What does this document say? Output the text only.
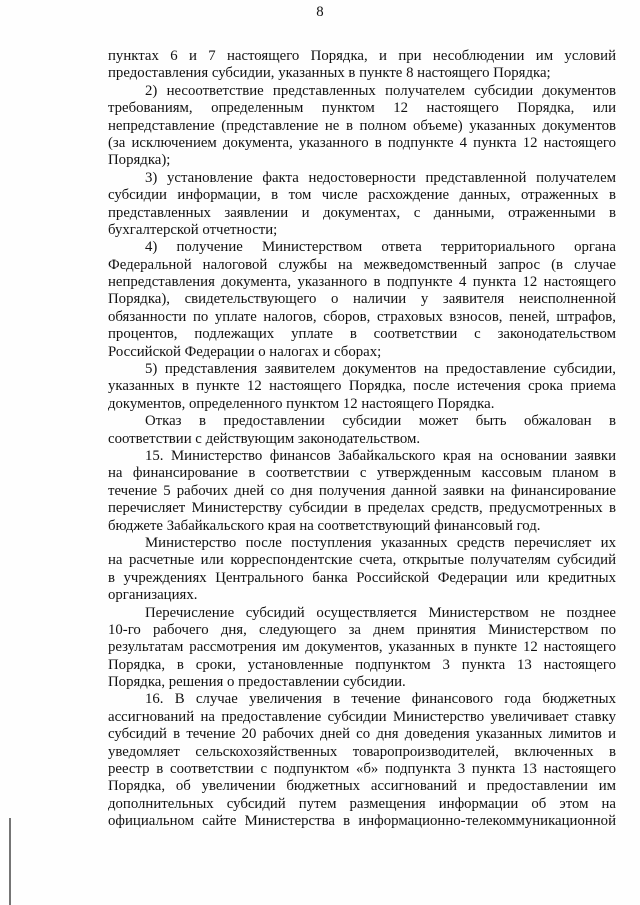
8
пунктах 6 и 7 настоящего Порядка, и при несоблюдении им условий
предоставления субсидии, указанных в пункте 8 настоящего Порядка;
2) несоответствие представленных получателем субсидии документов
требованиям, определенным пунктом 12 настоящего Порядка, или
непредставление (представление не в полном объеме) указанных документов
(за исключением документа, указанного в подпункте 4 пункта 12 настоящего
Порядка);
3) установление факта недостоверности представленной получателем
субсидии информации, в том числе расхождение данных, отраженных в
представленных заявлении и документах, с данными, отраженными в
бухгалтерской отчетности;
4) получение Министерством ответа территориального органа
Федеральной налоговой службы на межведомственный запрос (в случае
непредставления документа, указанного в подпункте 4 пункта 12 настоящего
Порядка), свидетельствующего о наличии у заявителя неисполненной
обязанности по уплате налогов, сборов, страховых взносов, пеней, штрафов,
процентов, подлежащих уплате в соответствии с законодательством
Российской Федерации о налогах и сборах;
5) представления заявителем документов на предоставление субсидии,
указанных в пункте 12 настоящего Порядка, после истечения срока приема
документов, определенного пунктом 12 настоящего Порядка.
Отказ в предоставлении субсидии может быть обжалован в
соответствии с действующим законодательством.
15. Министерство финансов Забайкальского края на основании заявки
на финансирование в соответствии с утвержденным кассовым планом в
течение 5 рабочих дней со дня получения данной заявки на финансирование
перечисляет Министерству субсидии в пределах средств, предусмотренных в
бюджете Забайкальского края на соответствующий финансовый год.
Министерство после поступления указанных средств перечисляет их
на расчетные или корреспондентские счета, открытые получателям субсидий
в учреждениях Центрального банка Российской Федерации или кредитных
организациях.
Перечисление субсидий осуществляется Министерством не позднее
10-го рабочего дня, следующего за днем принятия Министерством по
результатам рассмотрения им документов, указанных в пункте 12 настоящего
Порядка, в сроки, установленные подпунктом 3 пункта 13 настоящего
Порядка, решения о предоставлении субсидии.
16. В случае увеличения в течение финансового года бюджетных
ассигнований на предоставление субсидии Министерство увеличивает ставку
субсидий в течение 20 рабочих дней со дня доведения указанных лимитов и
уведомляет сельскохозяйственных товаропроизводителей, включенных в
реестр в соответствии с подпунктом «б» подпункта 3 пункта 13 настоящего
Порядка, об увеличении бюджетных ассигнований и предоставлении им
дополнительных субсидий путем размещения информации об этом на
официальном сайте Министерства в информационно-телекоммуникационной
